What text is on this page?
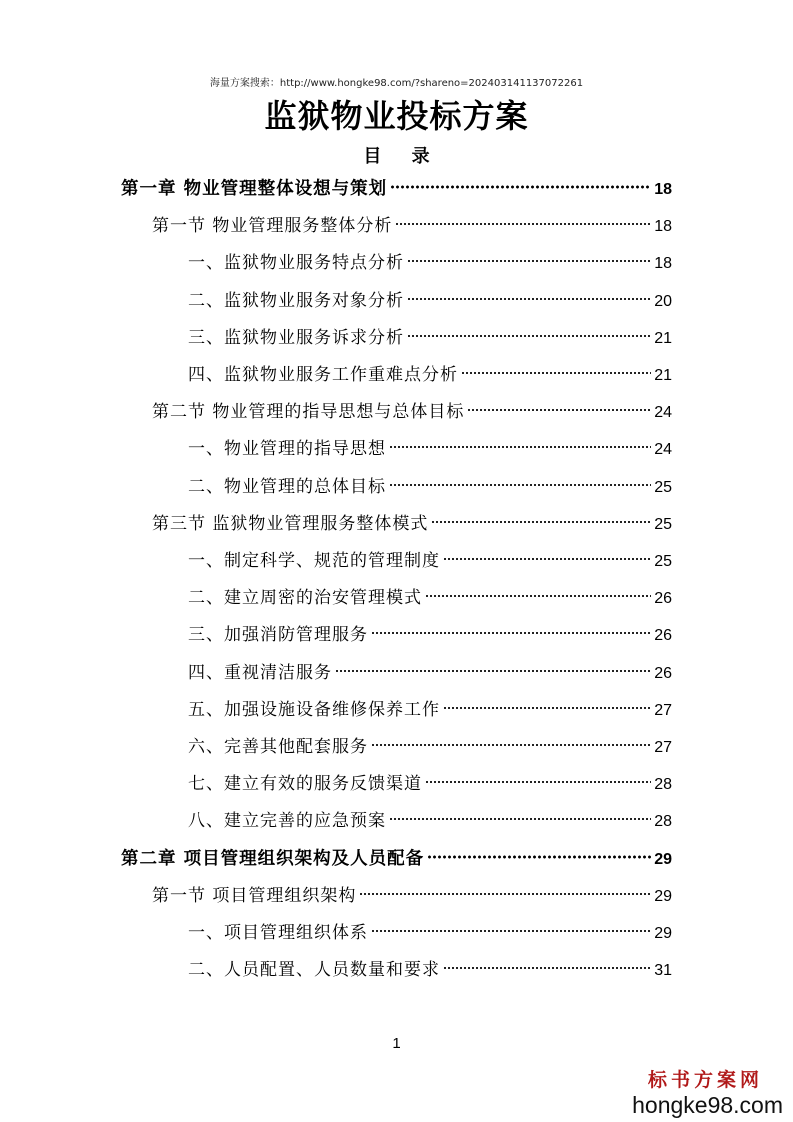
海量方案搜索：http://www.hongke98.com/?shareno=20240314113707226​1
监狱物业投标方案
目 录
第一章 物业管理整体设想与策划	18
第一节 物业管理服务整体分析	18
一、监狱物业服务特点分析	18
二、监狱物业服务对象分析	20
三、监狱物业服务诉求分析	21
四、监狱物业服务工作重难点分析	21
第二节 物业管理的指导思想与总体目标	24
一、物业管理的指导思想	24
二、物业管理的总体目标	25
第三节 监狱物业管理服务整体模式	25
一、制定科学、规范的管理制度	25
二、建立周密的治安管理模式	26
三、加强消防管理服务	26
四、重视清洁服务	26
五、加强设施设备维修保养工作	27
六、完善其他配套服务	27
七、建立有效的服务反馈渠道	28
八、建立完善的应急预案	28
第二章 项目管理组织架构及人员配备	29
第一节 项目管理组织架构	29
一、项目管理组织体系	29
二、人员配置、人员数量和要求	31
1
标书方案网
hongke98.com
